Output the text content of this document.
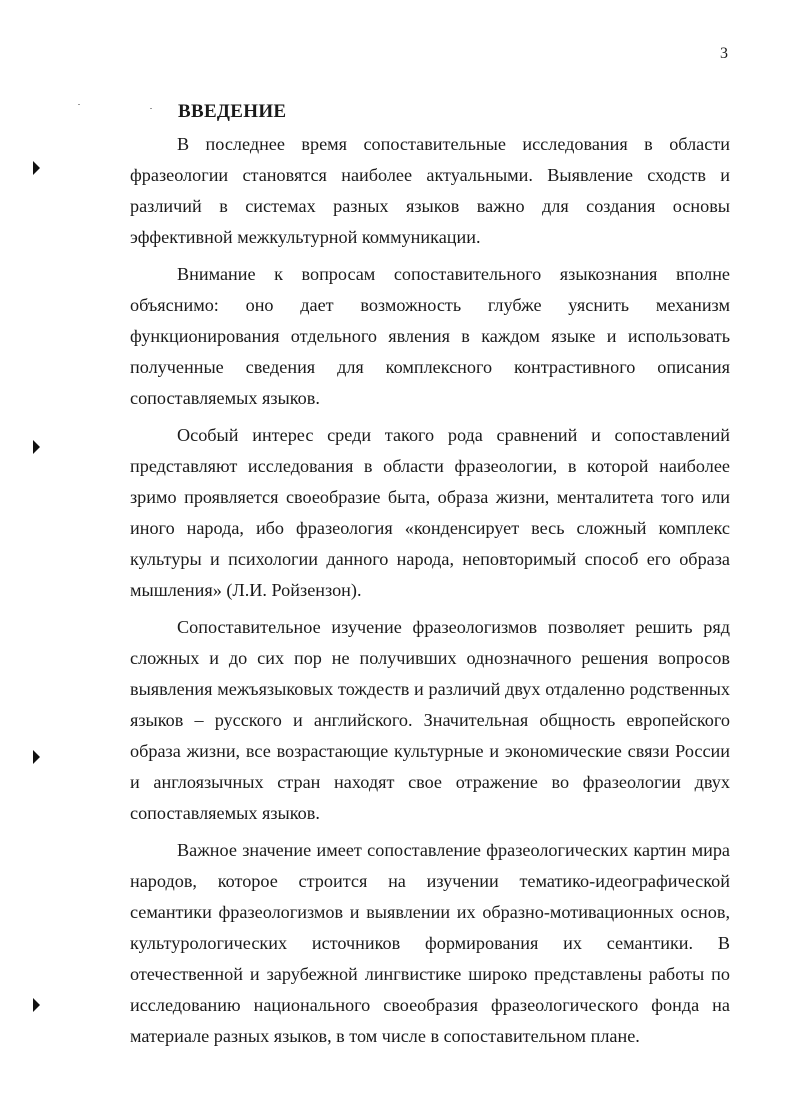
3
ВВЕДЕНИЕ

В последнее время сопоставительные исследования в области фразеологии становятся наиболее актуальными. Выявление сходств и различий в системах разных языков важно для создания основы эффективной межкультурной коммуникации.

Внимание к вопросам сопоставительного языкознания вполне объяснимо: оно дает возможность глубже уяснить механизм функционирования отдельного явления в каждом языке и использовать полученные сведения для комплексного контрастивного описания сопоставляемых языков.

Особый интерес среди такого рода сравнений и сопоставлений представляют исследования в области фразеологии, в которой наиболее зримо проявляется своеобразие быта, образа жизни, менталитета того или иного народа, ибо фразеология «конденсирует весь сложный комплекс культуры и психологии данного народа, неповторимый способ его образа мышления» (Л.И. Ройзензон).

Сопоставительное изучение фразеологизмов позволяет решить ряд сложных и до сих пор не получивших однозначного решения вопросов выявления межъязыковых тождеств и различий двух отдаленно родственных языков – русского и английского. Значительная общность европейского образа жизни, все возрастающие культурные и экономические связи России и англоязычных стран находят свое отражение во фразеологии двух сопоставляемых языков.

Важное значение имеет сопоставление фразеологических картин мира народов, которое строится на изучении тематико-идеографической семантики фразеологизмов и выявлении их образно-мотивационных основ, культурологических источников формирования их семантики. В отечественной и зарубежной лингвистике широко представлены работы по исследованию национального своеобразия фразеологического фонда на материале разных языков, в том числе в сопоставительном плане.
